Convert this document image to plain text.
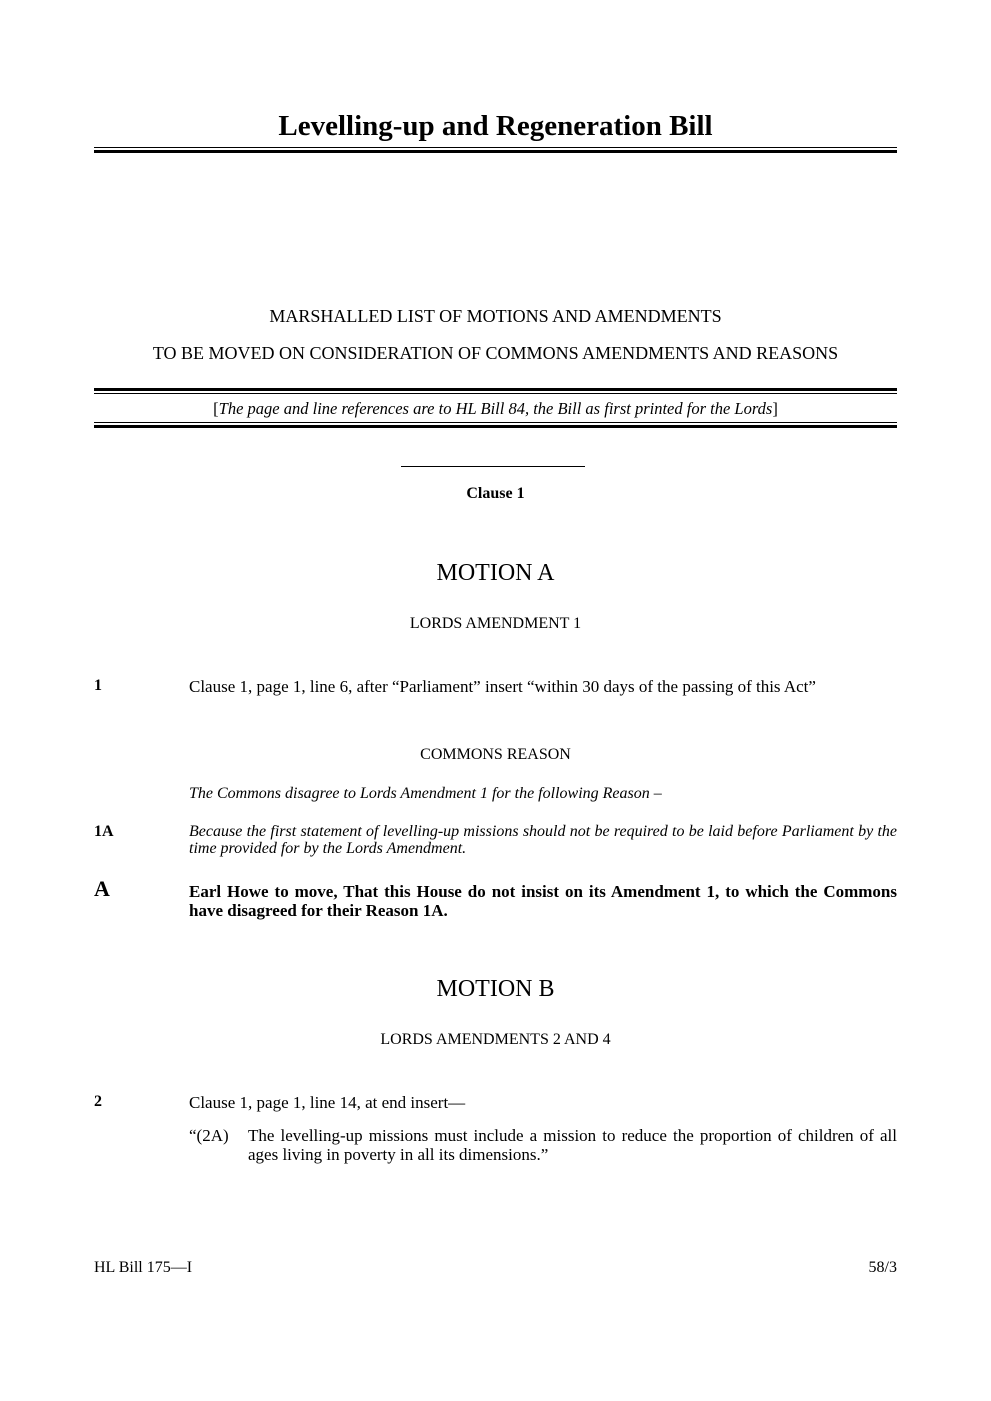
Levelling-up and Regeneration Bill
MARSHALLED LIST OF MOTIONS AND AMENDMENTS
TO BE MOVED ON CONSIDERATION OF COMMONS AMENDMENTS AND REASONS
[The page and line references are to HL Bill 84, the Bill as first printed for the Lords]
Clause 1
MOTION A
LORDS AMENDMENT 1
1	Clause 1, page 1, line 6, after “Parliament” insert “within 30 days of the passing of this Act”
COMMONS REASON
The Commons disagree to Lords Amendment 1 for the following Reason –
1A	Because the first statement of levelling-up missions should not be required to be laid before Parliament by the time provided for by the Lords Amendment.
A	Earl Howe to move, That this House do not insist on its Amendment 1, to which the Commons have disagreed for their Reason 1A.
MOTION B
LORDS AMENDMENTS 2 AND 4
2	Clause 1, page 1, line 14, at end insert—
“(2A) The levelling-up missions must include a mission to reduce the proportion of children of all ages living in poverty in all its dimensions.”
HL Bill 175—I	58/3
